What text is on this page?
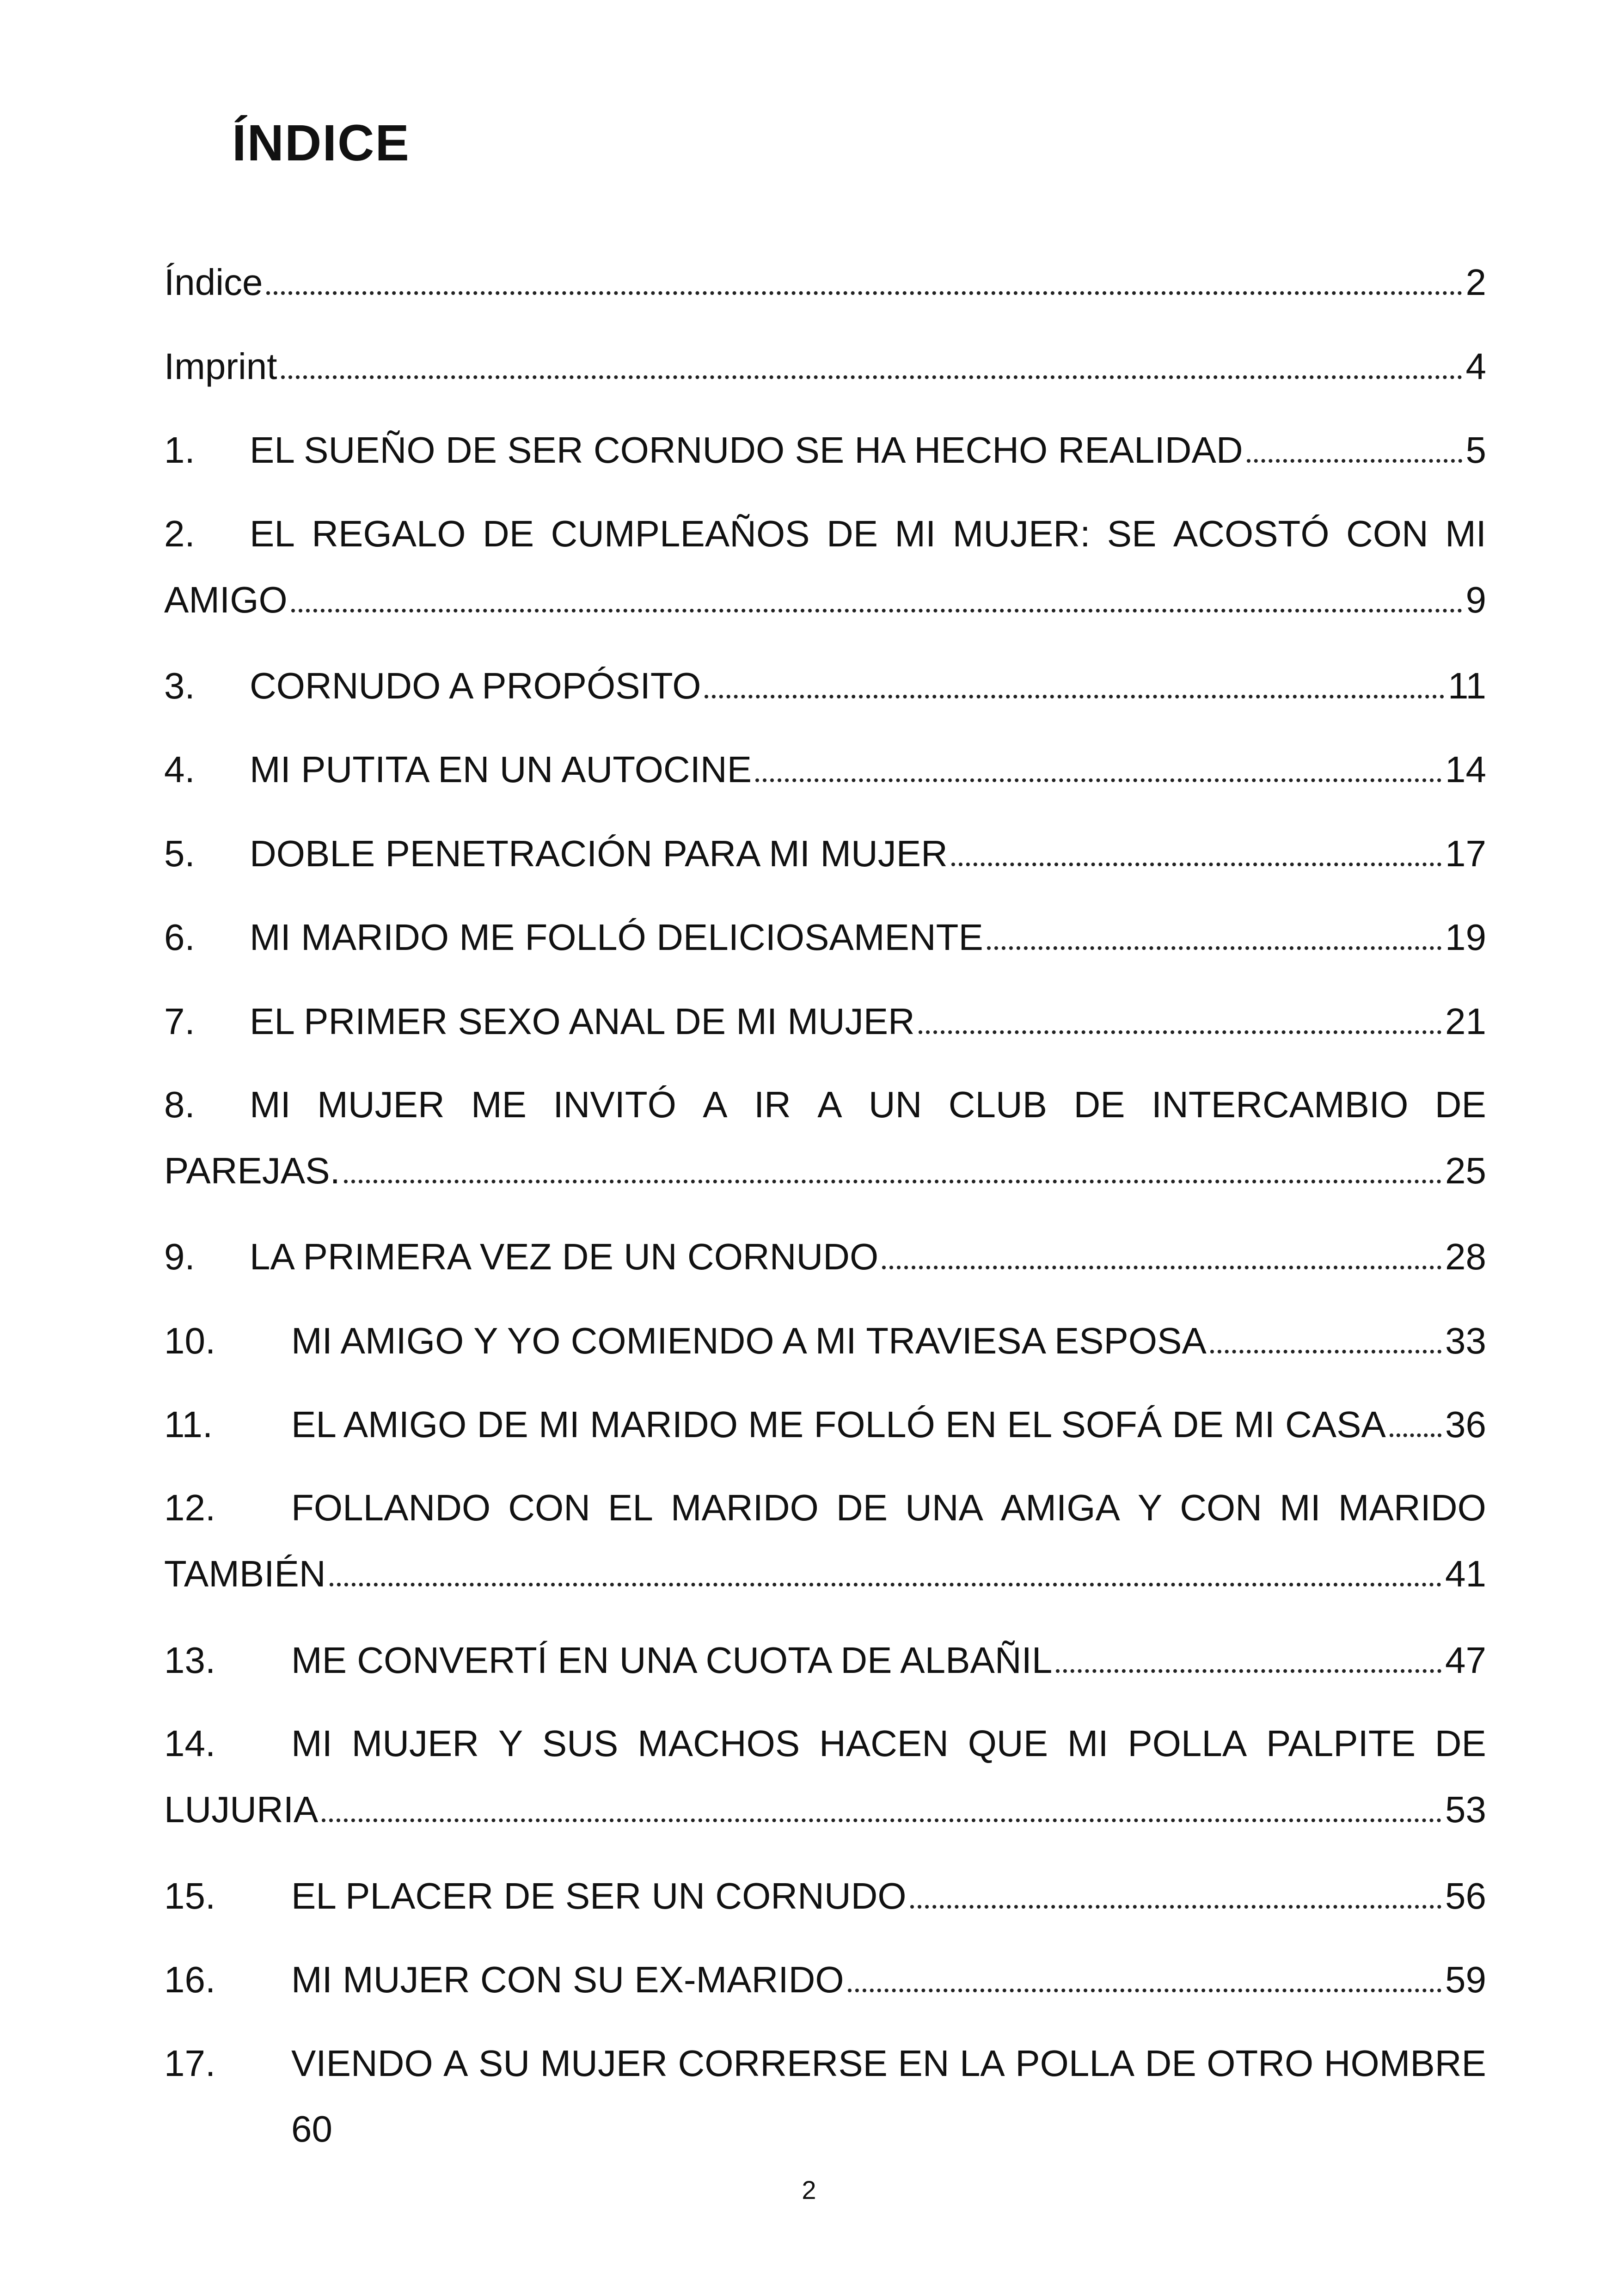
ÍNDICE
Índice	2
Imprint	4
1.	EL SUEÑO DE SER CORNUDO SE HA HECHO REALIDAD	5
2.	EL REGALO DE CUMPLEAÑOS DE MI MUJER: SE ACOSTÓ CON MI
AMIGO	9
3.	CORNUDO A PROPÓSITO	11
4.	MI PUTITA EN UN AUTOCINE	14
5.	DOBLE PENETRACIÓN PARA MI MUJER	17
6.	MI MARIDO ME FOLLÓ DELICIOSAMENTE	19
7.	EL PRIMER SEXO ANAL DE MI MUJER	21
8.	MI MUJER ME INVITÓ A IR A UN CLUB DE INTERCAMBIO DE
PAREJAS.	25
9.	LA PRIMERA VEZ DE UN CORNUDO	28
10.	MI AMIGO Y YO COMIENDO A MI TRAVIESA ESPOSA	33
11.	EL AMIGO DE MI MARIDO ME FOLLÓ EN EL SOFÁ DE MI CASA 36
12.	FOLLANDO CON EL MARIDO DE UNA AMIGA Y CON MI MARIDO
TAMBIÉN	41
13.	ME CONVERTÍ EN UNA CUOTA DE ALBAÑIL	47
14.	MI MUJER Y SUS MACHOS HACEN QUE MI POLLA PALPITE DE
LUJURIA	53
15.	EL PLACER DE SER UN CORNUDO	56
16.	MI MUJER CON SU EX-MARIDO	59
17.	VIENDO A SU MUJER CORRERSE EN LA POLLA DE OTRO HOMBRE
60
2
